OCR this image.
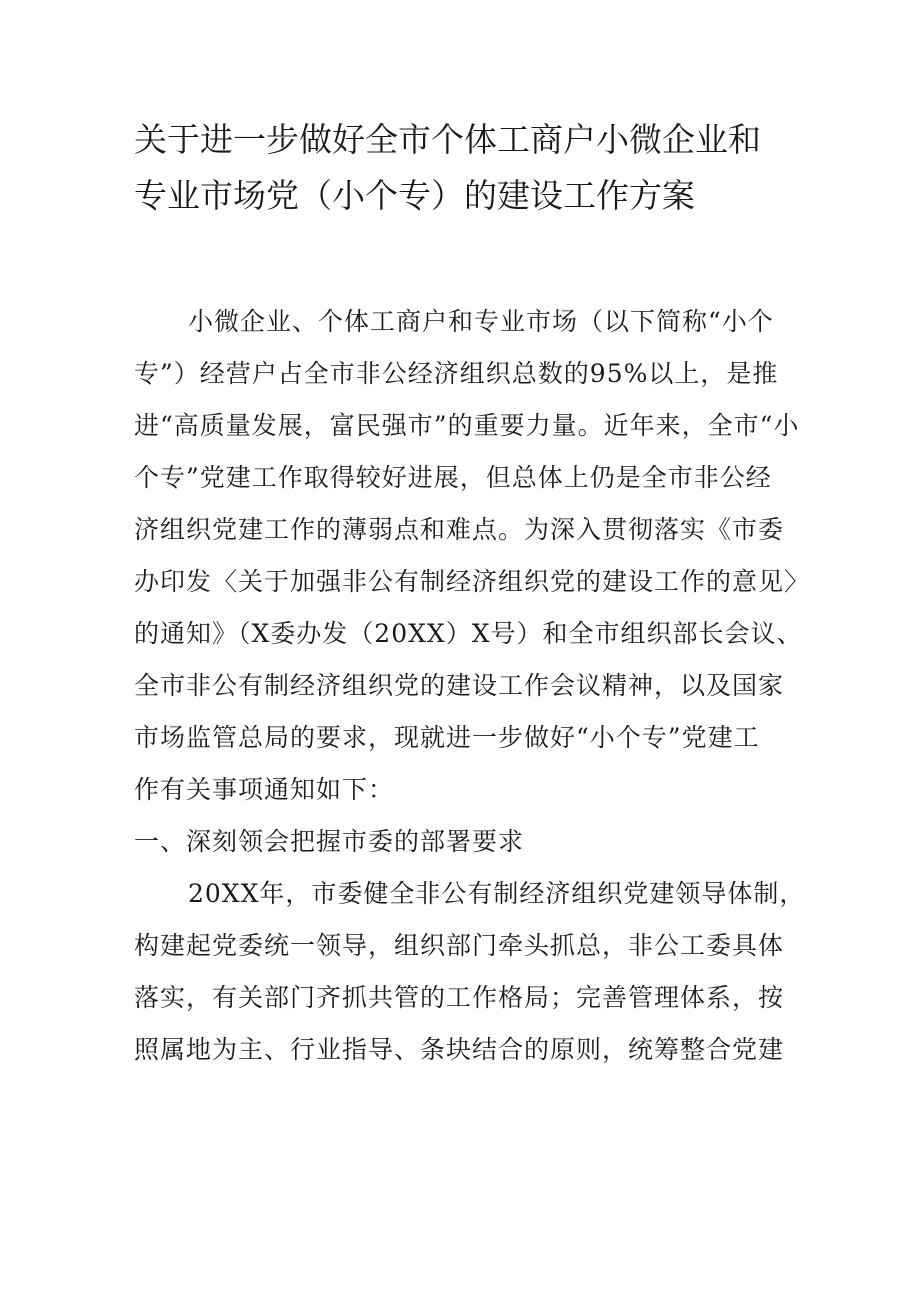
关于进一步做好全市个体工商户小微企业和
专业市场党（小个专）的建设工作方案
小微企业、个体工商户和专业市场（以下简称“小个
专”）经营户占全市非公经济组织总数的95%以上，是推
进“高质量发展，富民强市”的重要力量。近年来，全市“小
个专”党建工作取得较好进展，但总体上仍是全市非公经
济组织党建工作的薄弱点和难点。为深入贯彻落实《市委
办印发〈关于加强非公有制经济组织党的建设工作的意见〉
的通知》（X委办发（20XX）X号）和全市组织部长会议、
全市非公有制经济组织党的建设工作会议精神，以及国家
市场监管总局的要求，现就进一步做好“小个专”党建工
作有关事项通知如下：
一、深刻领会把握市委的部署要求
20XX年，市委健全非公有制经济组织党建领导体制，
构建起党委统一领导，组织部门牵头抓总，非公工委具体
落实，有关部门齐抓共管的工作格局；完善管理体系，按
照属地为主、行业指导、条块结合的原则，统筹整合党建
